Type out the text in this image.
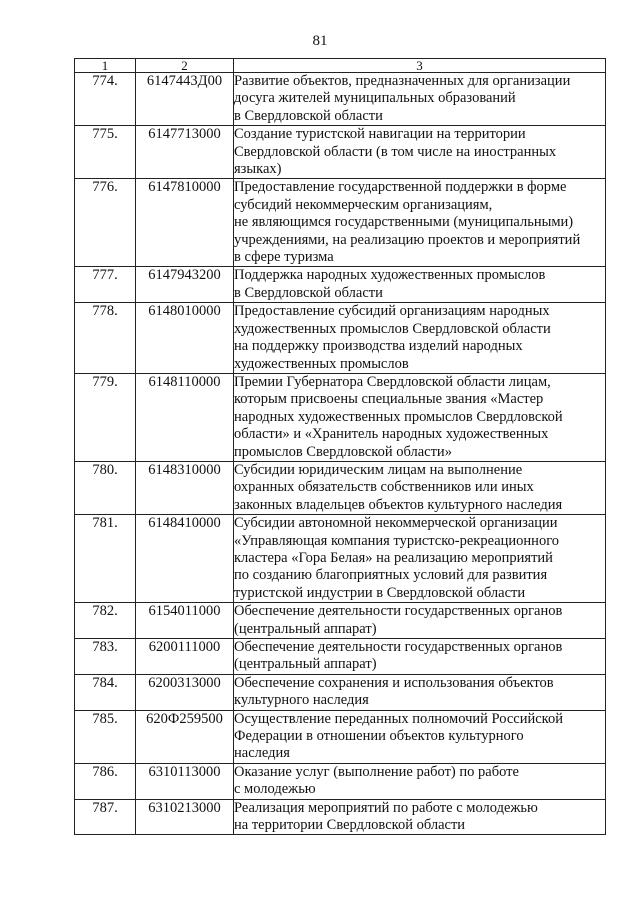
81
1	2	3
774.	6147443Д00	Развитие объектов, предназначенных для организации
досуга жителей муниципальных образований
в Свердловской области

775.	6147713000	Создание туристской навигации на территории
Свердловской области (в том числе на иностранных
языках)

776.	6147810000	Предоставление государственной поддержки в форме
субсидий некоммерческим организациям,
не являющимся государственными (муниципальными)
учреждениями, на реализацию проектов и мероприятий
в сфере туризма

777.	6147943200	Поддержка народных художественных промыслов
в Свердловской области

778.	6148010000	Предоставление субсидий организациям народных
художественных промыслов Свердловской области
на поддержку производства изделий народных
художественных промыслов

779.	6148110000	Премии Губернатора Свердловской области лицам,
которым присвоены специальные звания «Мастер
народных художественных промыслов Свердловской
области» и «Хранитель народных художественных
промыслов Свердловской области»

780.	6148310000	Субсидии юридическим лицам на выполнение
охранных обязательств собственников или иных
законных владельцев объектов культурного наследия

781.	6148410000	Субсидии автономной некоммерческой организации
«Управляющая компания туристско-рекреационного
кластера «Гора Белая» на реализацию мероприятий
по созданию благоприятных условий для развития
туристской индустрии в Свердловской области

782.	6154011000	Обеспечение деятельности государственных органов
(центральный аппарат)

783.	6200111000	Обеспечение деятельности государственных органов
(центральный аппарат)

784.	6200313000	Обеспечение сохранения и использования объектов
культурного наследия

785.	620Ф259500	Осуществление переданных полномочий Российской
Федерации в отношении объектов культурного
наследия

786.	6310113000	Оказание услуг (выполнение работ) по работе
с молодежью

787.	6310213000	Реализация мероприятий по работе с молодежью
на территории Свердловской области
